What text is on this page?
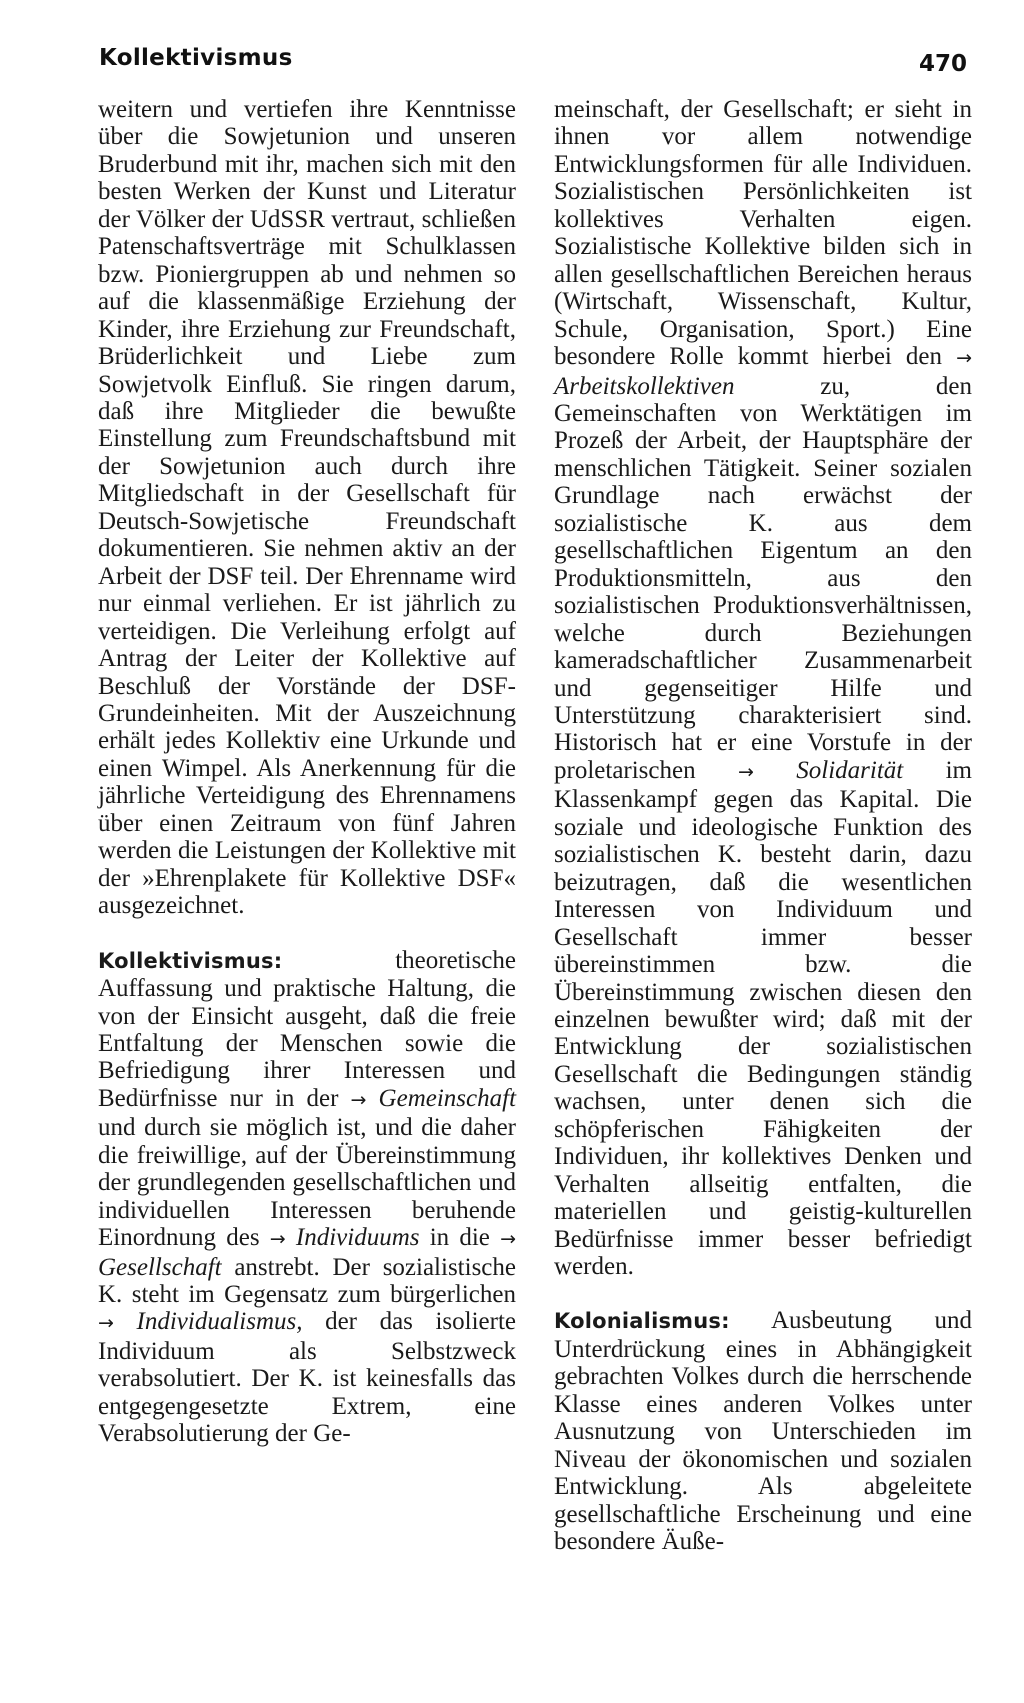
Kollektivismus	470

weitern und vertiefen ihre Kenntnisse über die Sowjetunion und unseren Bruderbund mit ihr, machen sich mit den besten Werken der Kunst und Literatur der Völker der UdSSR vertraut, schließen Patenschaftsverträge mit Schulklassen bzw. Pioniergruppen ab und nehmen so auf die klassenmäßige Erziehung der Kinder, ihre Erziehung zur Freundschaft, Brüderlichkeit und Liebe zum Sowjetvolk Einfluß. Sie ringen darum, daß ihre Mitglieder die bewußte Einstellung zum Freundschaftsbund mit der Sowjetunion auch durch ihre Mitgliedschaft in der Gesellschaft für Deutsch-Sowjetische Freundschaft dokumentieren. Sie nehmen aktiv an der Arbeit der DSF teil. Der Ehrenname wird nur einmal verliehen. Er ist jährlich zu verteidigen. Die Verleihung erfolgt auf Antrag der Leiter der Kollektive auf Beschluß der Vorstände der DSF-Grundeinheiten. Mit der Auszeichnung erhält jedes Kollektiv eine Urkunde und einen Wimpel. Als Anerkennung für die jährliche Verteidigung des Ehrennamens über einen Zeitraum von fünf Jahren werden die Leistungen der Kollektive mit der »Ehrenplakete für Kollektive DSF« ausgezeichnet.

Kollektivismus: theoretische Auffassung und praktische Haltung, die von der Einsicht ausgeht, daß die freie Entfaltung der Menschen sowie die Befriedigung ihrer Interessen und Bedürfnisse nur in der → Gemeinschaft und durch sie möglich ist, und die daher die freiwillige, auf der Übereinstimmung der grundlegenden gesellschaftlichen und individuellen Interessen beruhende Einordnung des → Individuums in die → Gesellschaft anstrebt. Der sozialistische K. steht im Gegensatz zum bürgerlichen → Individualismus, der das isolierte Individuum als Selbstzweck verabsolutiert. Der K. ist keinesfalls das entgegengesetzte Extrem, eine Verabsolutierung der Ge-

meinschaft, der Gesellschaft; er sieht in ihnen vor allem notwendige Entwicklungsformen für alle Individuen. Sozialistischen Persönlichkeiten ist kollektives Verhalten eigen. Sozialistische Kollektive bilden sich in allen gesellschaftlichen Bereichen heraus (Wirtschaft, Wissenschaft, Kultur, Schule, Organisation, Sport.) Eine besondere Rolle kommt hierbei den → Arbeitskollektiven zu, den Gemeinschaften von Werktätigen im Prozeß der Arbeit, der Hauptsphäre der menschlichen Tätigkeit. Seiner sozialen Grundlage nach erwächst der sozialistische K. aus dem gesellschaftlichen Eigentum an den Produktionsmitteln, aus den sozialistischen Produktionsverhältnissen, welche durch Beziehungen kameradschaftlicher Zusammenarbeit und gegenseitiger Hilfe und Unterstützung charakterisiert sind. Historisch hat er eine Vorstufe in der proletarischen → Solidarität im Klassenkampf gegen das Kapital. Die soziale und ideologische Funktion des sozialistischen K. besteht darin, dazu beizutragen, daß die wesentlichen Interessen von Individuum und Gesellschaft immer besser übereinstimmen bzw. die Übereinstimmung zwischen diesen den einzelnen bewußter wird; daß mit der Entwicklung der sozialistischen Gesellschaft die Bedingungen ständig wachsen, unter denen sich die schöpferischen Fähigkeiten der Individuen, ihr kollektives Denken und Verhalten allseitig entfalten, die materiellen und geistig-kulturellen Bedürfnisse immer besser befriedigt werden.

Kolonialismus: Ausbeutung und Unterdrückung eines in Abhängigkeit gebrachten Volkes durch die herrschende Klasse eines anderen Volkes unter Ausnutzung von Unterschieden im Niveau der ökonomischen und sozialen Entwicklung. Als abgeleitete gesellschaftliche Erscheinung und eine besondere Äuße-
